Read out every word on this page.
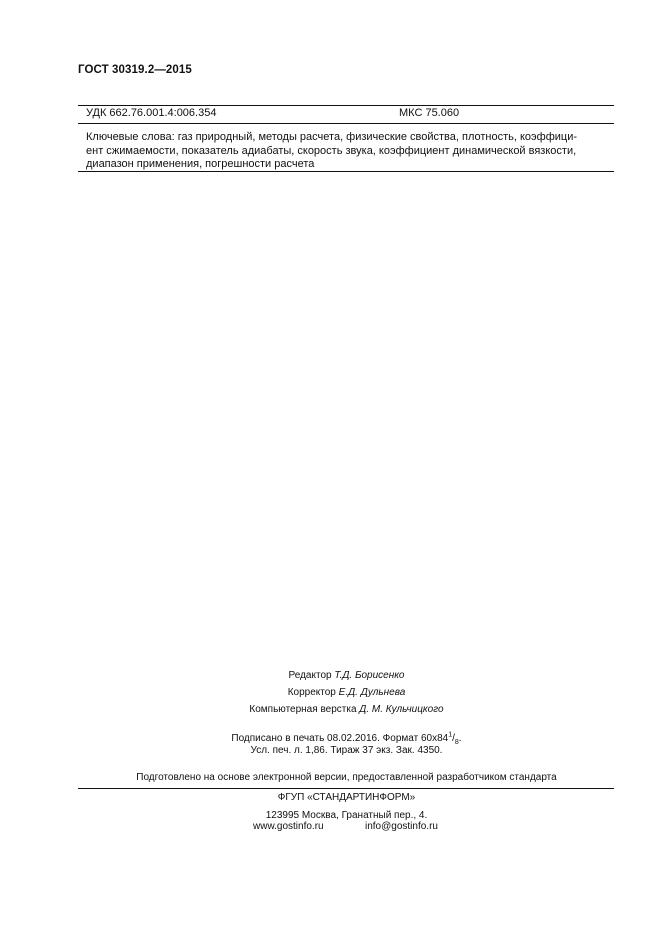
ГОСТ 30319.2—2015
УДК 662.76.001.4:006.354	МКС 75.060
Ключевые слова: газ природный, методы расчета, физические свойства, плотность, коэффици-
ент сжимаемости, показатель адиабаты, скорость звука, коэффициент динамической вязкости,
диапазон применения, погрешности расчета
Редактор Т.Д. Борисенко
Корректор Е.Д. Дульнева
Компьютерная верстка Д. М. Кульчицкого
Подписано в печать 08.02.2016. Формат $60х84^1/_8$.
Усл. печ. л. 1,86. Тираж 37 экз. Зак. 4350.
Подготовлено на основе электронной версии, предоставленной разработчиком стандарта
ФГУП «СТАНДАРТИНФОРМ»
123995 Москва, Гранатный пер., 4.
www.gostinfo.ru	info@gostinfo.ru
